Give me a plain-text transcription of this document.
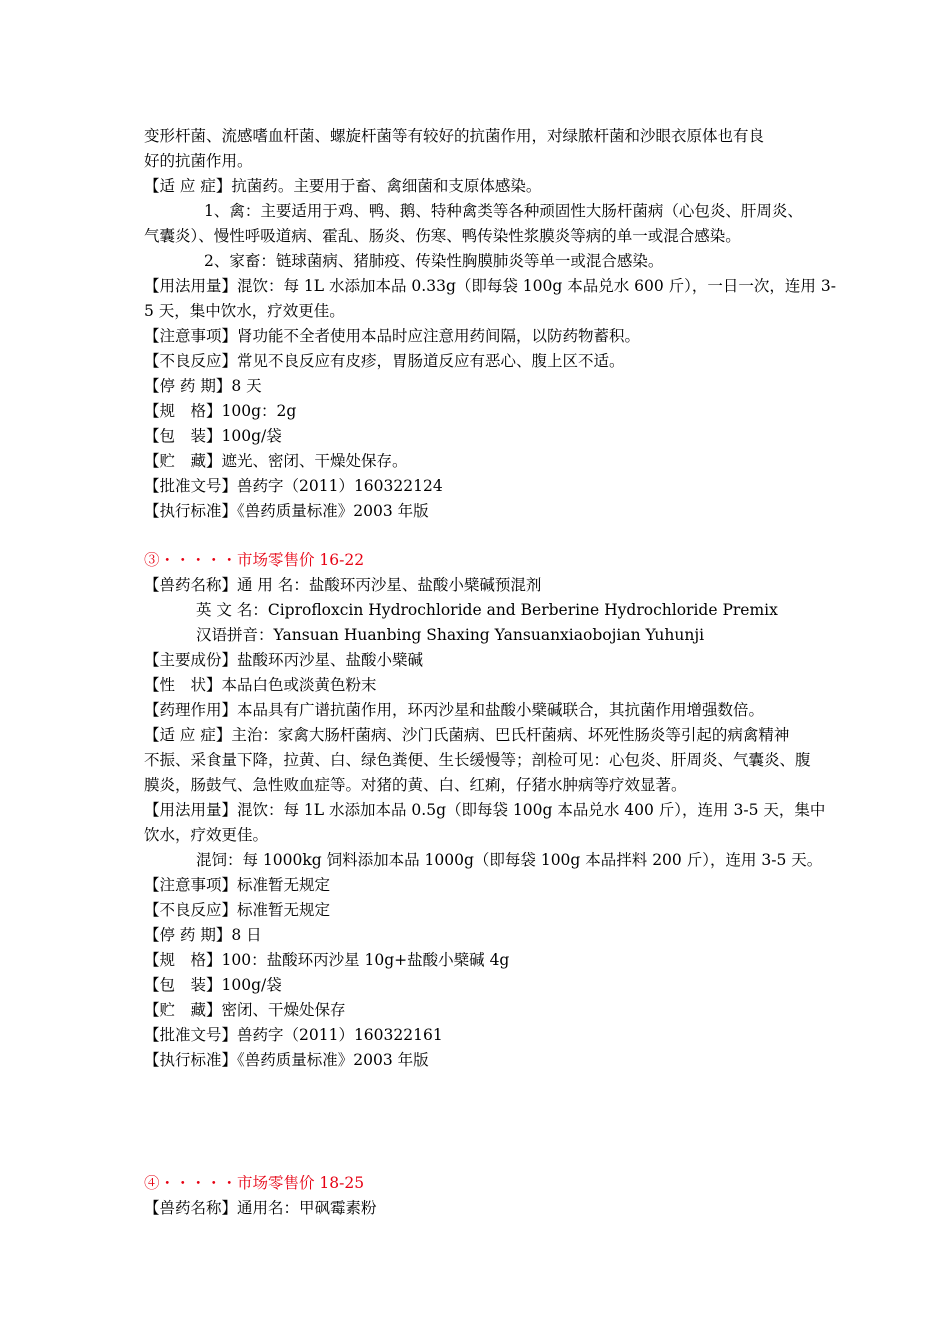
变形杆菌、流感嗜血杆菌、螺旋杆菌等有较好的抗菌作用，对绿脓杆菌和沙眼衣原体也有良
好的抗菌作用。
【适 应 症】抗菌药。主要用于畜、禽细菌和支原体感染。
1、禽：主要适用于鸡、鸭、鹅、特种禽类等各种顽固性大肠杆菌病（心包炎、肝周炎、
气囊炎）、慢性呼吸道病、霍乱、肠炎、伤寒、鸭传染性浆膜炎等病的单一或混合感染。
2、家畜：链球菌病、猪肺疫、传染性胸膜肺炎等单一或混合感染。
【用法用量】混饮：每 1L 水添加本品 0.33g（即每袋 100g 本品兑水 600 斤），一日一次，连用 3-
5 天，集中饮水，疗效更佳。
【注意事项】肾功能不全者使用本品时应注意用药间隔，以防药物蓄积。
【不良反应】常见不良反应有皮疹，胃肠道反应有恶心、腹上区不适。
【停 药 期】8 天
【规　格】100g：2g
【包　装】100g/袋
【贮　藏】遮光、密闭、干燥处保存。
【批准文号】兽药字（2011）160322124
【执行标准】《兽药质量标准》2003 年版
③・・・・・市场零售价 16-22
【兽药名称】通 用 名：盐酸环丙沙星、盐酸小檗碱预混剂
英 文 名：Ciprofloxcin Hydrochloride and Berberine Hydrochloride Premix
汉语拼音：Yansuan Huanbing Shaxing Yansuanxiaobojian Yuhunji
【主要成份】盐酸环丙沙星、盐酸小檗碱
【性　状】本品白色或淡黄色粉末
【药理作用】本品具有广谱抗菌作用，环丙沙星和盐酸小檗碱联合，其抗菌作用增强数倍。
【适 应 症】主治：家禽大肠杆菌病、沙门氏菌病、巴氏杆菌病、坏死性肠炎等引起的病禽精神
不振、采食量下降，拉黄、白、绿色粪便、生长缓慢等；剖检可见：心包炎、肝周炎、气囊炎、腹
膜炎，肠鼓气、急性败血症等。对猪的黄、白、红痢，仔猪水肿病等疗效显著。
【用法用量】混饮：每 1L 水添加本品 0.5g（即每袋 100g 本品兑水 400 斤），连用 3-5 天，集中
饮水，疗效更佳。
混饲：每 1000kg 饲料添加本品 1000g（即每袋 100g 本品拌料 200 斤），连用 3-5 天。
【注意事项】标准暂无规定
【不良反应】标准暂无规定
【停 药 期】8 日
【规　格】100：盐酸环丙沙星 10g+盐酸小檗碱 4g
【包　装】100g/袋
【贮　藏】密闭、干燥处保存
【批准文号】兽药字（2011）160322161
【执行标准】《兽药质量标准》2003 年版
④・・・・・市场零售价 18-25
【兽药名称】通用名：甲砜霉素粉
